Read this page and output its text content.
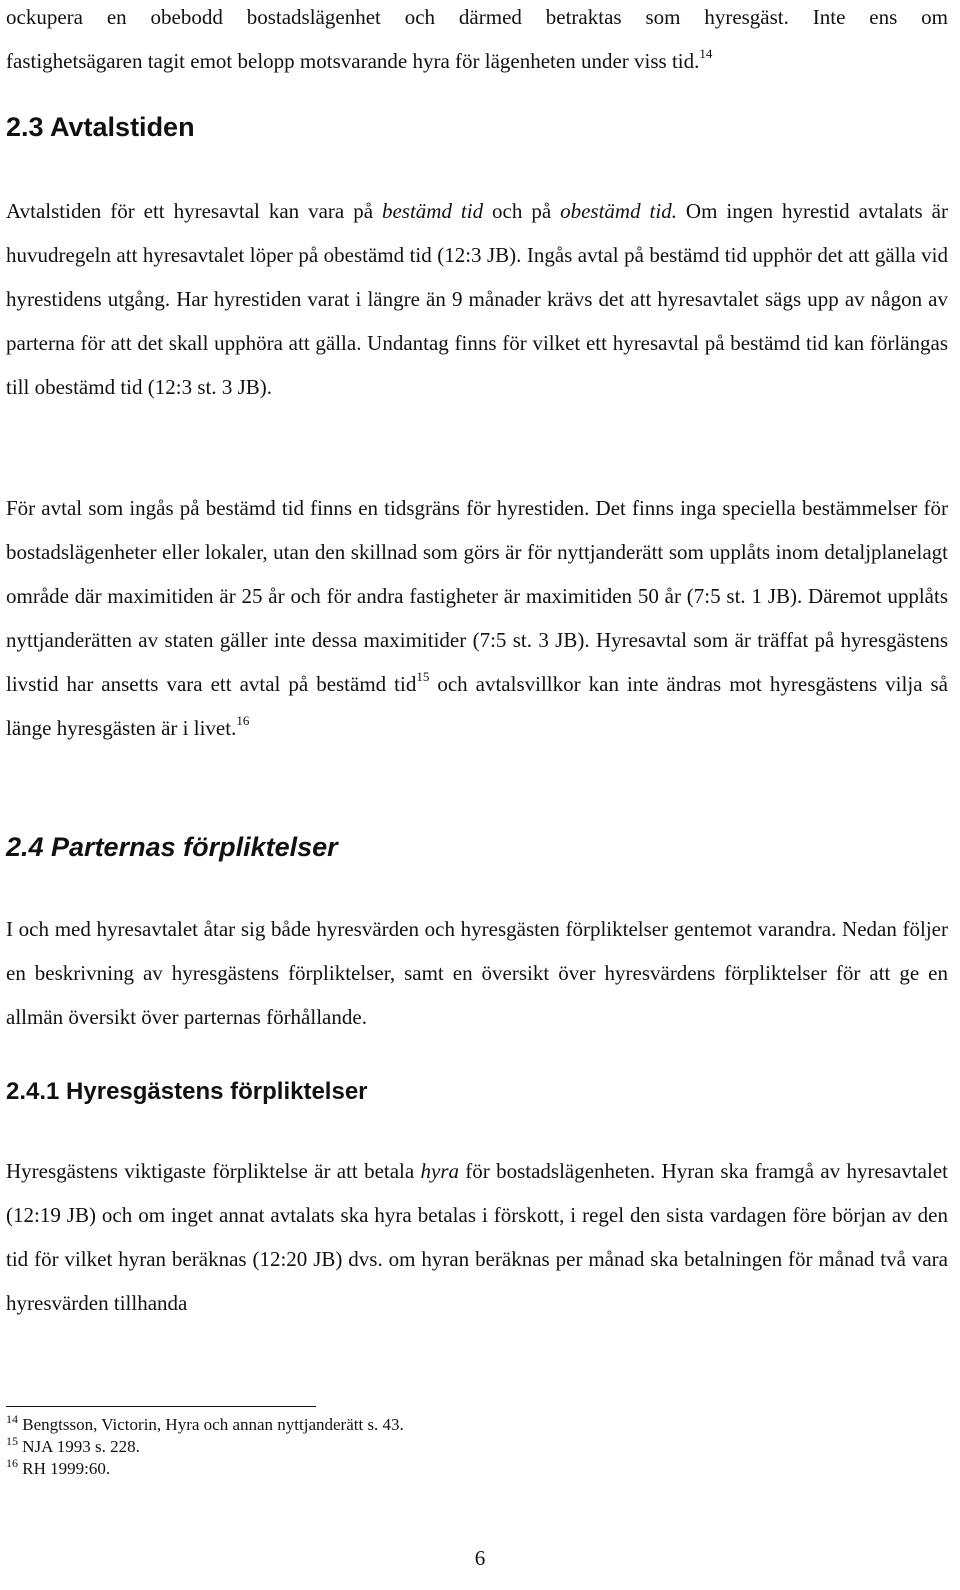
ockupera en obebodd bostadslägenhet och därmed betraktas som hyresgäst. Inte ens om
fastighetsägaren tagit emot belopp motsvarande hyra för lägenheten under viss tid.$^{14}$

2.3 Avtalstiden

Avtalstiden för ett hyresavtal kan vara på bestämd tid och på obestämd tid. Om ingen hyrestid avtalats är huvudregeln att hyresavtalet löper på obestämd tid (12:3 JB). Ingås avtal på bestämd tid upphör det att gälla vid hyrestidens utgång. Har hyrestiden varat i längre än 9 månader krävs det att hyresavtalet sägs upp av någon av parterna för att det skall upphöra att gälla. Undantag finns för vilket ett hyresavtal på bestämd tid kan förlängas till obestämd tid (12:3 st. 3 JB).

För avtal som ingås på bestämd tid finns en tidsgräns för hyrestiden. Det finns inga speciella bestämmelser för bostadslägenheter eller lokaler, utan den skillnad som görs är för nyttjanderätt som upplåts inom detaljplanelagt område där maximitiden är 25 år och för andra fastigheter är maximitiden 50 år (7:5 st. 1 JB). Däremot upplåts nyttjanderätten av staten gäller inte dessa maximitider (7:5 st. 3 JB). Hyresavtal som är träffat på hyresgästens livstid har ansetts vara ett avtal på bestämd tid$^{15}$ och avtalsvillkor kan inte ändras mot hyresgästens vilja så länge hyresgästen är i livet.$^{16}$

2.4 Parternas förpliktelser

I och med hyresavtalet åtar sig både hyresvärden och hyresgästen förpliktelser gentemot varandra. Nedan följer en beskrivning av hyresgästens förpliktelser, samt en översikt över hyresvärdens förpliktelser för att ge en allmän översikt över parternas förhållande.

2.4.1 Hyresgästens förpliktelser

Hyresgästens viktigaste förpliktelse är att betala hyra för bostadslägenheten. Hyran ska framgå av hyresavtalet (12:19 JB) och om inget annat avtalats ska hyra betalas i förskott, i regel den sista vardagen före början av den tid för vilket hyran beräknas (12:20 JB) dvs. om hyran beräknas per månad ska betalningen för månad två vara hyresvärden tillhanda

$^{14}$ Bengtsson, Victorin, Hyra och annan nyttjanderätt s. 43.

$^{15}$ NJA 1993 s. 228.

$^{16}$ RH 1999:60.

6
